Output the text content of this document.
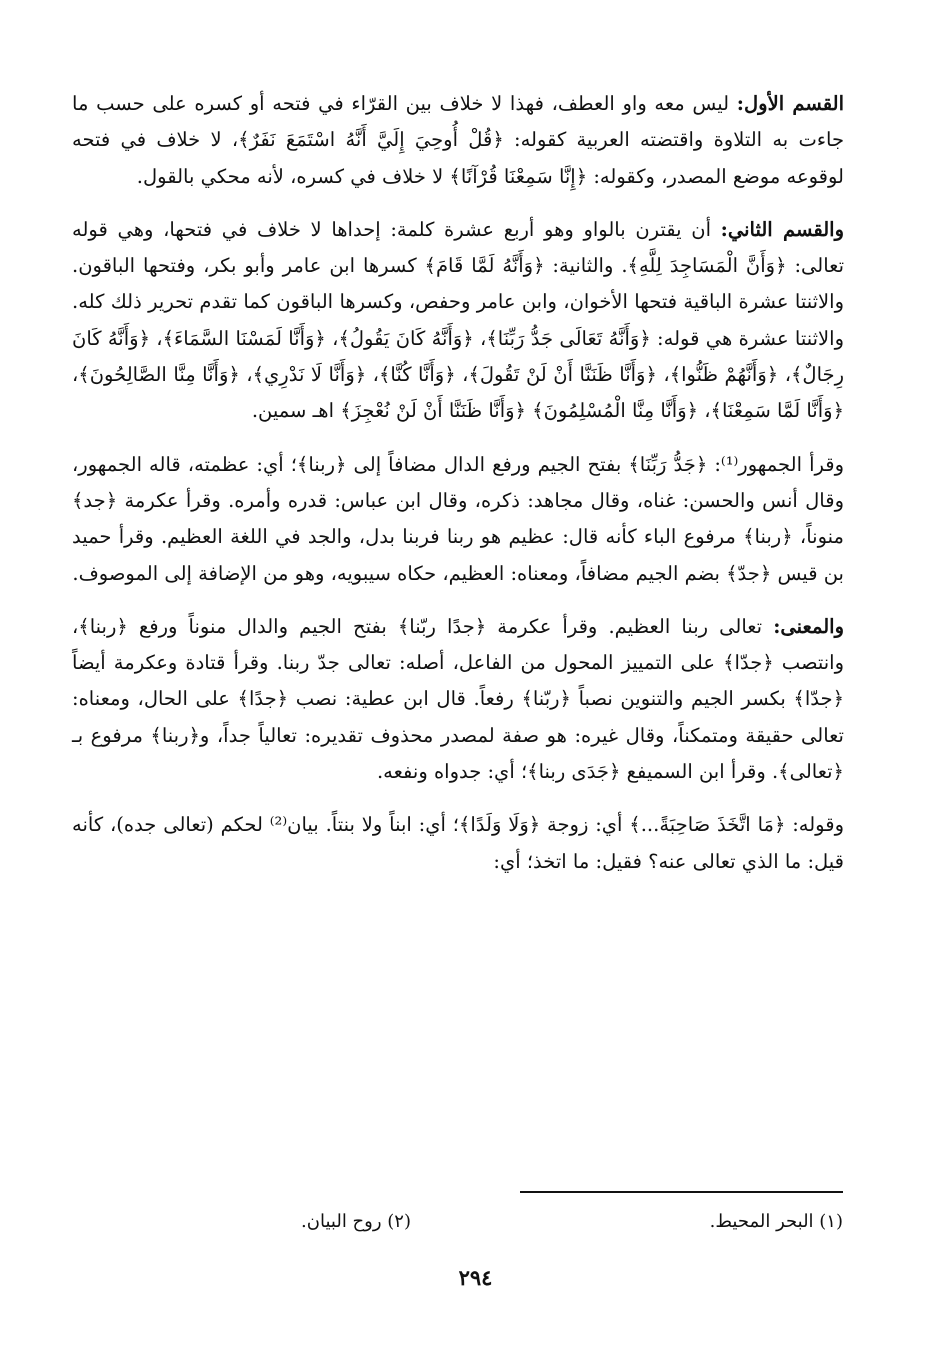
القسم الأول: ليس معه واو العطف، فهذا لا خلاف بين القرّاء في فتحه أو كسره على حسب ما جاءت به التلاوة واقتضته العربية كقوله: ﴿قُلْ أُوحِيَ إِلَيَّ أَنَّهُ اسْتَمَعَ نَفَرٌ﴾، لا خلاف في فتحه لوقوعه موضع المصدر، وكقوله: ﴿إِنَّا سَمِعْنَا قُرْآنًا﴾ لا خلاف في كسره، لأنه محكي بالقول.

والقسم الثاني: أن يقترن بالواو وهو أربع عشرة كلمة: إحداها لا خلاف في فتحها، وهي قوله تعالى: ﴿وَأَنَّ الْمَسَاجِدَ لِلَّهِ﴾. والثانية: ﴿وَأَنَّهُ لَمَّا قَامَ﴾ كسرها ابن عامر وأبو بكر، وفتحها الباقون. والاثنتا عشرة الباقية فتحها الأخوان، وابن عامر وحفص، وكسرها الباقون كما تقدم تحرير ذلك كله. والاثنتا عشرة هي قوله: ﴿وَأَنَّهُ تَعَالَى جَدُّ رَبِّنَا﴾، ﴿وَأَنَّهُ كَانَ يَقُولُ﴾، ﴿وَأَنَّا لَمَسْنَا السَّمَاءَ﴾، ﴿وَأَنَّهُ كَانَ رِجَالٌ﴾، ﴿وَأَنَّهُمْ ظَنُّوا﴾، ﴿وَأَنَّا ظَنَنَّا أَنْ لَنْ تَقُولَ﴾، ﴿وَأَنَّا كُنَّا﴾، ﴿وَأَنَّا لَا نَدْرِي﴾، ﴿وَأَنَّا مِنَّا الصَّالِحُونَ﴾، ﴿وَأَنَّا لَمَّا سَمِعْنَا﴾، ﴿وَأَنَّا مِنَّا الْمُسْلِمُونَ﴾ ﴿وَأَنَّا ظَنَنَّا أَنْ لَنْ نُعْجِزَ﴾ اهـ سمين.

وقرأ الجمهور⁽¹⁾: ﴿جَدُّ رَبِّنَا﴾ بفتح الجيم ورفع الدال مضافاً إلى ﴿ربنا﴾؛ أي: عظمته، قاله الجمهور، وقال أنس والحسن: غناه، وقال مجاهد: ذكره، وقال ابن عباس: قدره وأمره. وقرأ عكرمة ﴿جد﴾ منوناً، ﴿ربنا﴾ مرفوع الباء كأنه قال: عظيم هو ربنا فربنا بدل، والجد في اللغة العظيم. وقرأ حميد بن قيس ﴿جدّ﴾ بضم الجيم مضافاً، ومعناه: العظيم، حكاه سيبويه، وهو من الإضافة إلى الموصوف.

والمعنى: تعالى ربنا العظيم. وقرأ عكرمة ﴿جدًا ربّنا﴾ بفتح الجيم والدال منوناً ورفع ﴿ربنا﴾، وانتصب ﴿جدّا﴾ على التمييز المحول من الفاعل، أصله: تعالى جدّ ربنا. وقرأ قتادة وعكرمة أيضاً ﴿جدّا﴾ بكسر الجيم والتنوين نصباً ﴿ربّنا﴾ رفعاً. قال ابن عطية: نصب ﴿جدًا﴾ على الحال، ومعناه: تعالى حقيقة ومتمكناً، وقال غيره: هو صفة لمصدر محذوف تقديره: تعالياً جداً، و﴿ربنا﴾ مرفوع بـ ﴿تعالى﴾. وقرأ ابن السميفع ﴿جَدَى ربنا﴾؛ أي: جدواه ونفعه.

وقوله: ﴿مَا اتَّخَذَ صَاحِبَةً...﴾ أي: زوجة ﴿وَلَا وَلَدًا﴾؛ أي: ابناً ولا بنتاً. بيان⁽²⁾ لحكم (تعالى جده)، كأنه قيل: ما الذي تعالى عنه؟ فقيل: ما اتخذ؛ أي:

(١) البحر المحيط.
(٢) روح البيان.
٢٩٤
